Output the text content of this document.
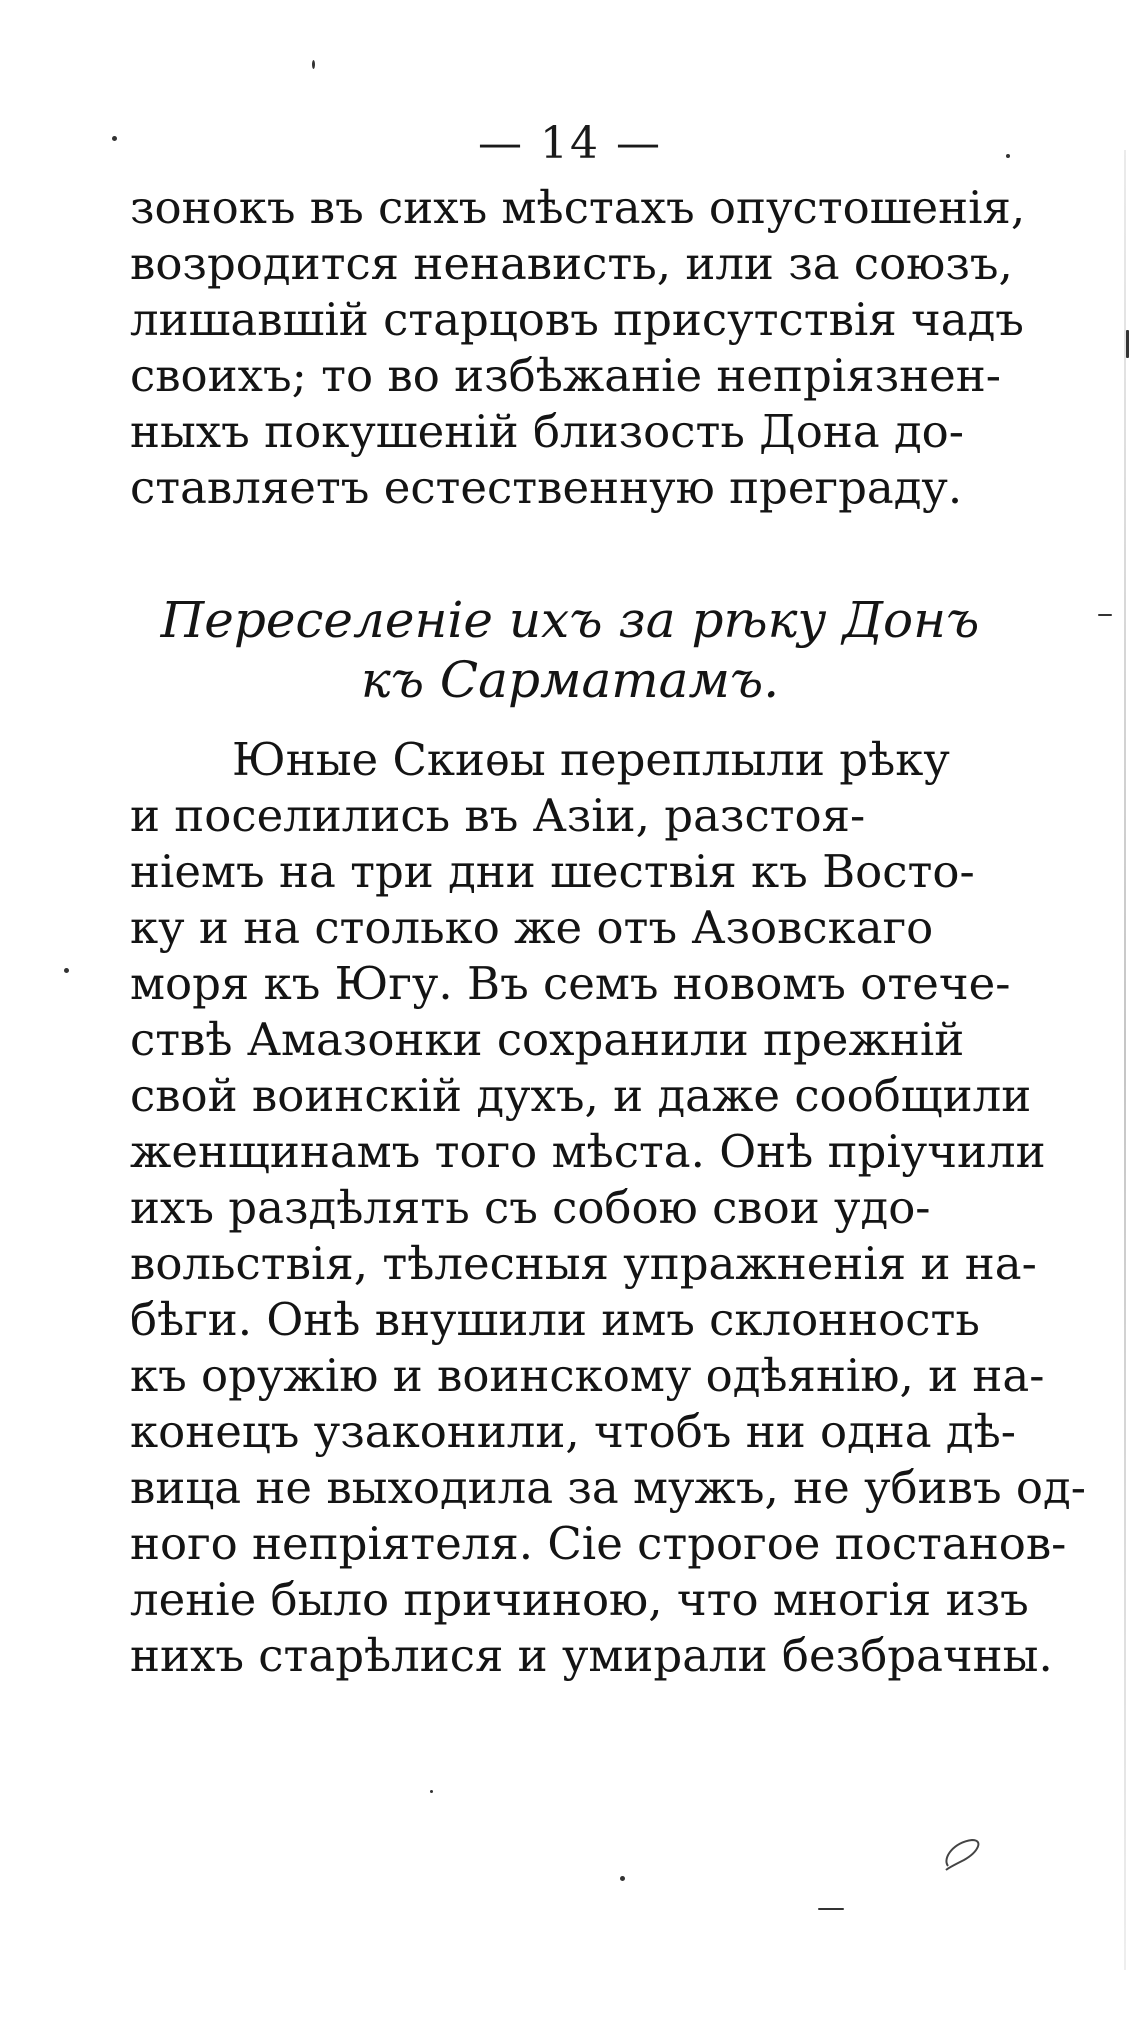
— 14 —
зонокъ въ сихъ мѣстахъ опустошенія,
возродится ненависть, или за союзъ,
лишавшій старцовъ присутствія чадъ
своихъ; то во избѣжаніе непріязнен-
ныхъ покушеній близость Дона до-
ставляетъ естественную преграду.
Переселеніе ихъ за рѣку Донъ
къ Сарматамъ.
Юные Скиѳы переплыли рѣку
и поселились въ Азіи, разстоя-
ніемъ на три дни шествія къ Восто-
ку и на столько же отъ Азовскаго
моря къ Югу. Въ семъ новомъ отече-
ствѣ Амазонки сохранили прежній
свой воинскій духъ, и даже сообщили
женщинамъ того мѣста. Онѣ пріучили
ихъ раздѣлять съ собою свои удо-
вольствія, тѣлесныя упражненія и на-
бѣги. Онѣ внушили имъ склонность
къ оружію и воинскому одѣянію, и на-
конецъ узаконили, чтобъ ни одна дѣ-
вица не выходила за мужъ, не убивъ од-
ного непріятеля. Сіе строгое постанов-
леніе было причиною, что многія изъ
нихъ старѣлися и умирали безбрачны.
